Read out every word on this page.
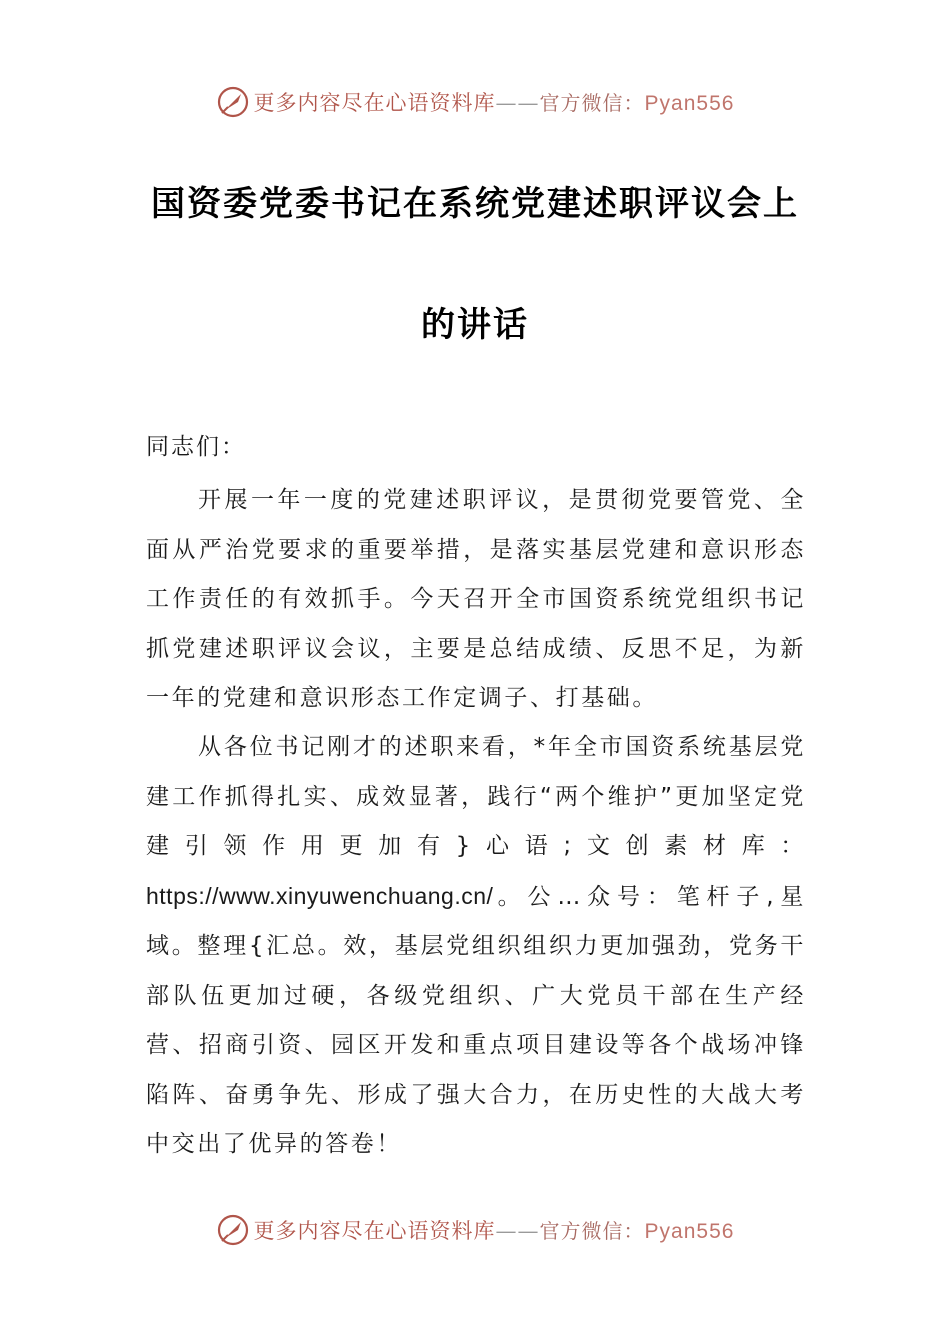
更多内容尽在心语资料库——官方微信：Pyan556
国资委党委书记在系统党建述职评议会上
的讲话
同志们：

开展一年一度的党建述职评议，是贯彻党要管党、全面从严治党要求的重要举措，是落实基层党建和意识形态工作责任的有效抓手。今天召开全市国资系统党组织书记抓党建述职评议会议，主要是总结成绩、反思不足，为新一年的党建和意识形态工作定调子、打基础。

从各位书记刚才的述职来看，*年全市国资系统基层党建工作抓得扎实、成效显著，践行“两个维护”更加坚定党建引领作用更加有}心语;文创素材库：https://www.xinyuwenchuang.cn/。公…众号：笔杆子,星域。整理{汇总。效，基层党组织组织力更加强劲，党务干部队伍更加过硬，各级党组织、广大党员干部在生产经营、招商引资、园区开发和重点项目建设等各个战场冲锋陷阵、奋勇争先、形成了强大合力，在历史性的大战大考中交出了优异的答卷！

更多内容尽在心语资料库——官方微信：Pyan556
